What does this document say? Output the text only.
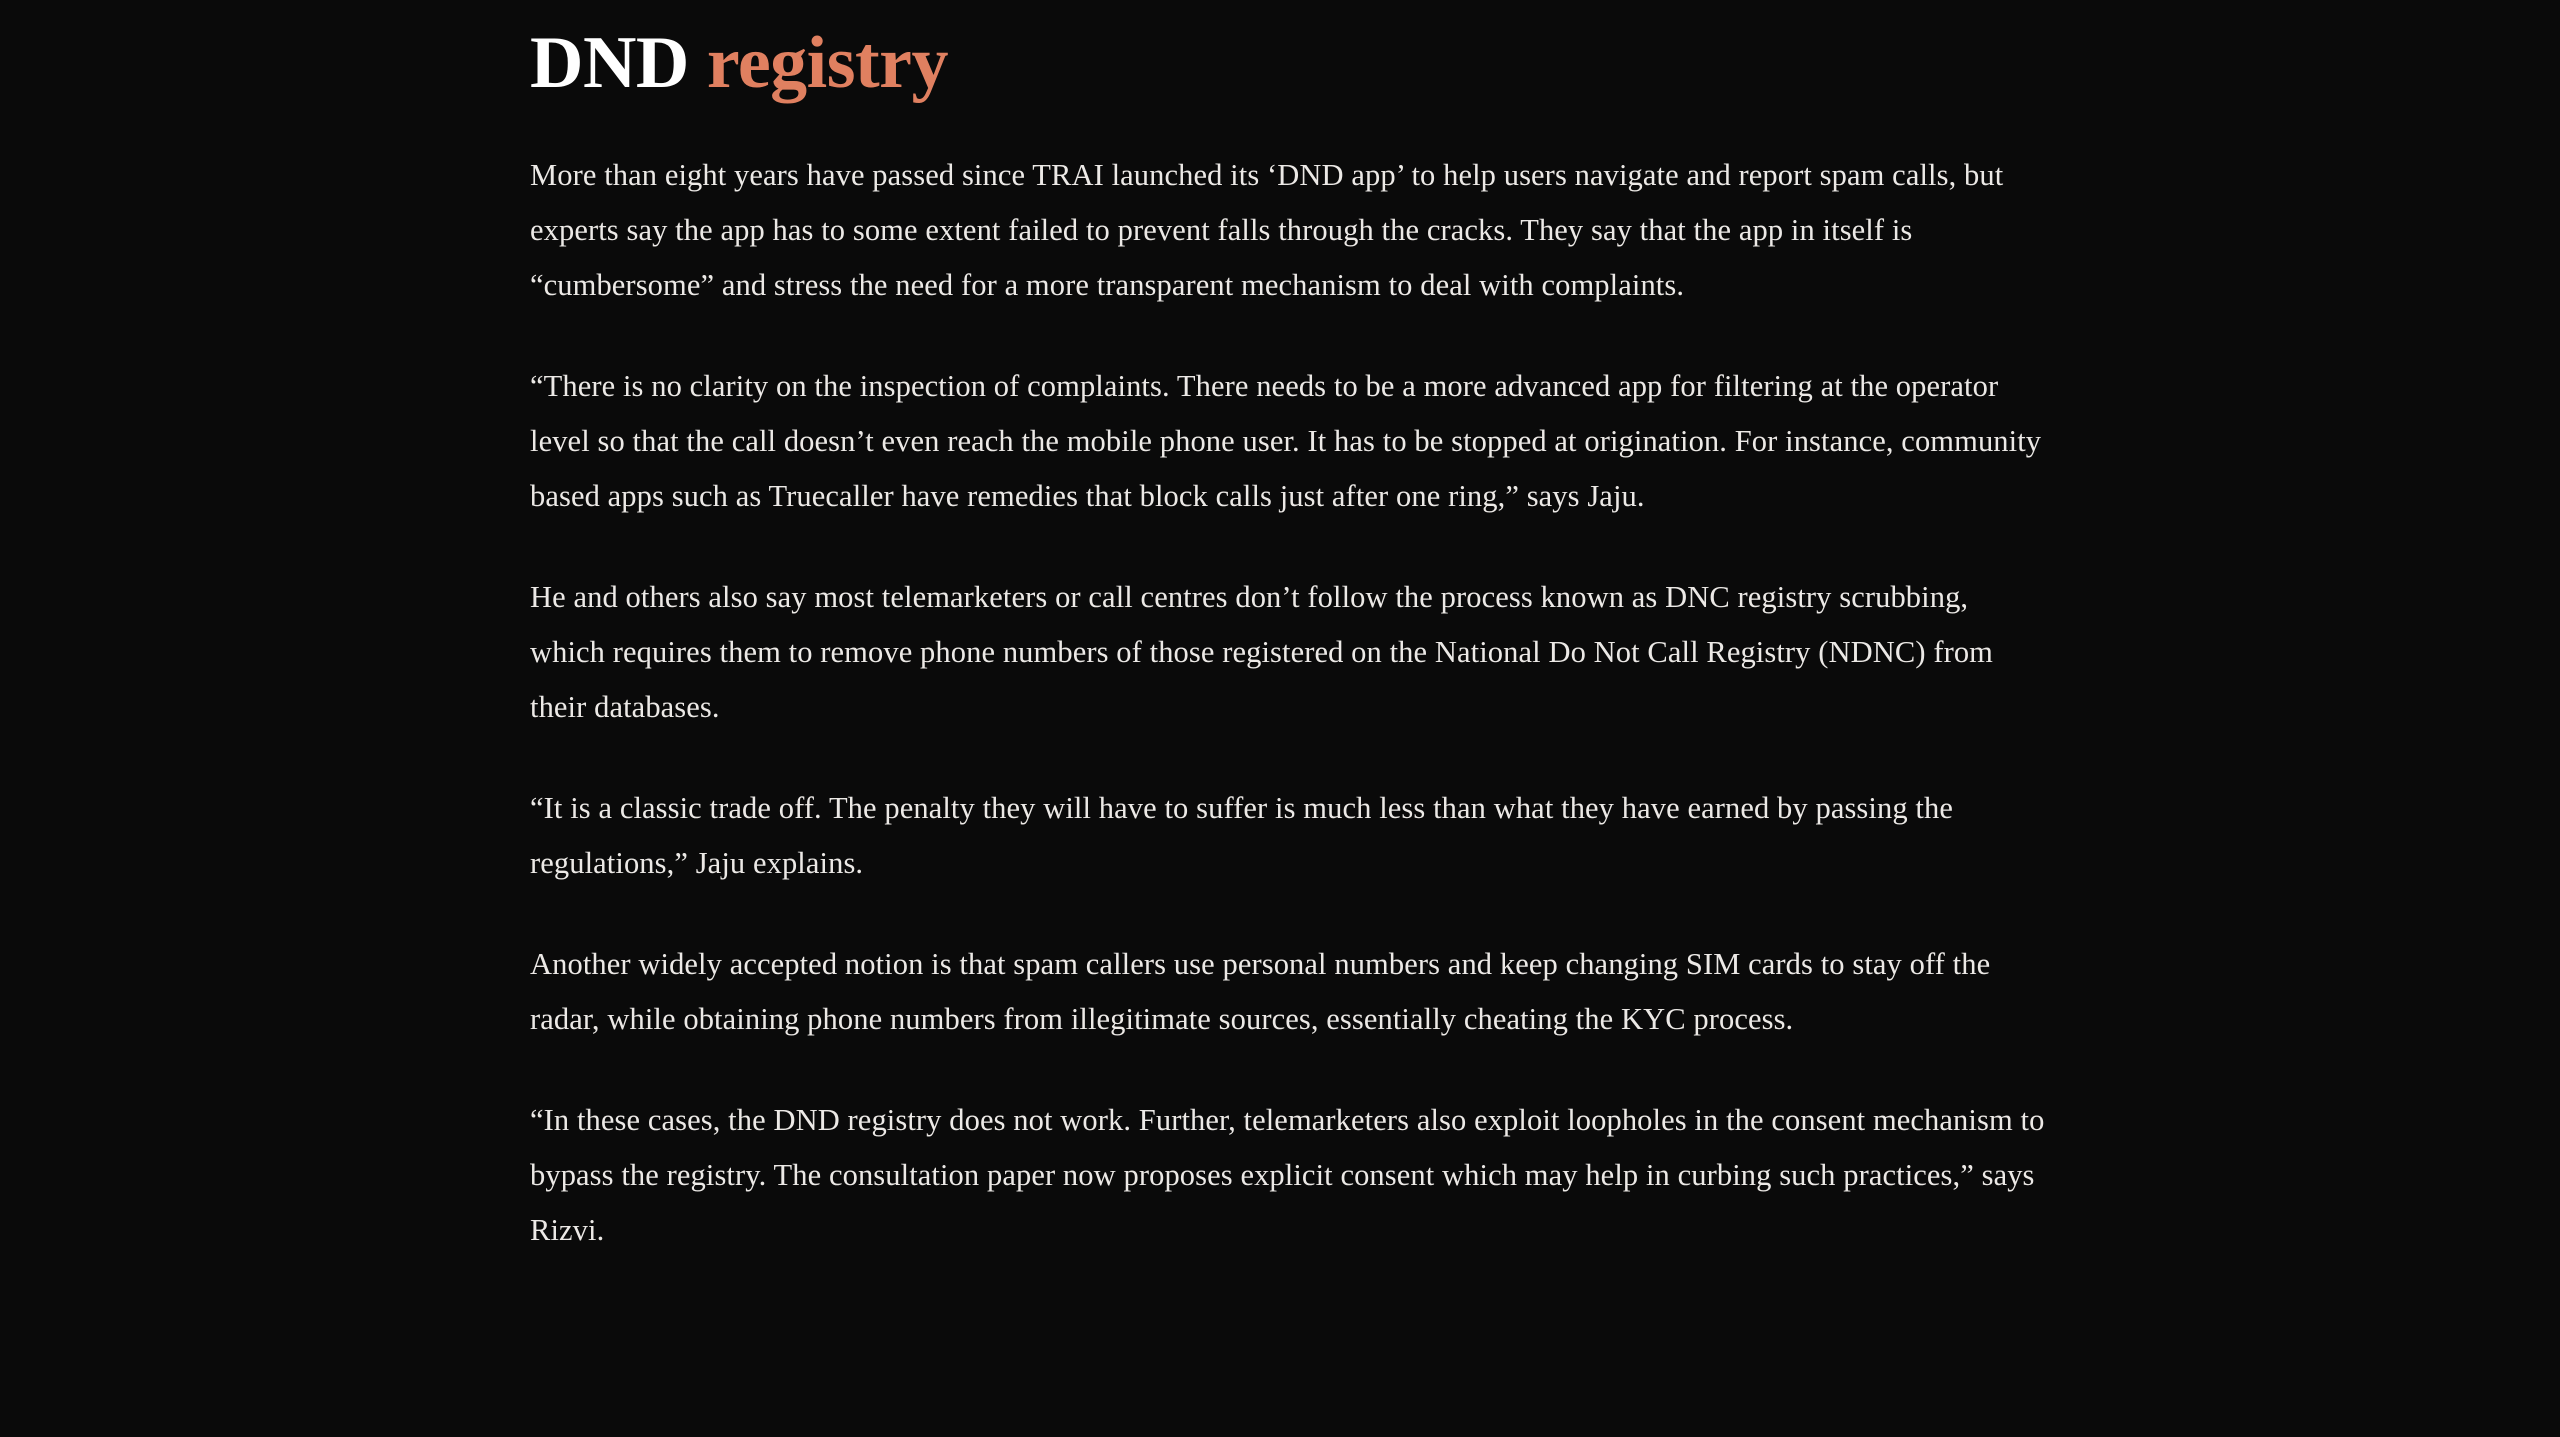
DND registry

More than eight years have passed since TRAI launched its ‘DND app’ to help users navigate and report spam calls, but experts say the app has to some extent failed to prevent falls through the cracks. They say that the app in itself is “cumbersome” and stress the need for a more transparent mechanism to deal with complaints.

“There is no clarity on the inspection of complaints. There needs to be a more advanced app for filtering at the operator level so that the call doesn’t even reach the mobile phone user. It has to be stopped at origination. For instance, community based apps such as Truecaller have remedies that block calls just after one ring,” says Jaju.

He and others also say most telemarketers or call centres don’t follow the process known as DNC registry scrubbing, which requires them to remove phone numbers of those registered on the National Do Not Call Registry (NDNC) from their databases.

“It is a classic trade off. The penalty they will have to suffer is much less than what they have earned by passing the regulations,” Jaju explains.

Another widely accepted notion is that spam callers use personal numbers and keep changing SIM cards to stay off the radar, while obtaining phone numbers from illegitimate sources, essentially cheating the KYC process.

“In these cases, the DND registry does not work. Further, telemarketers also exploit loopholes in the consent mechanism to bypass the registry. The consultation paper now proposes explicit consent which may help in curbing such practices,” says Rizvi.
